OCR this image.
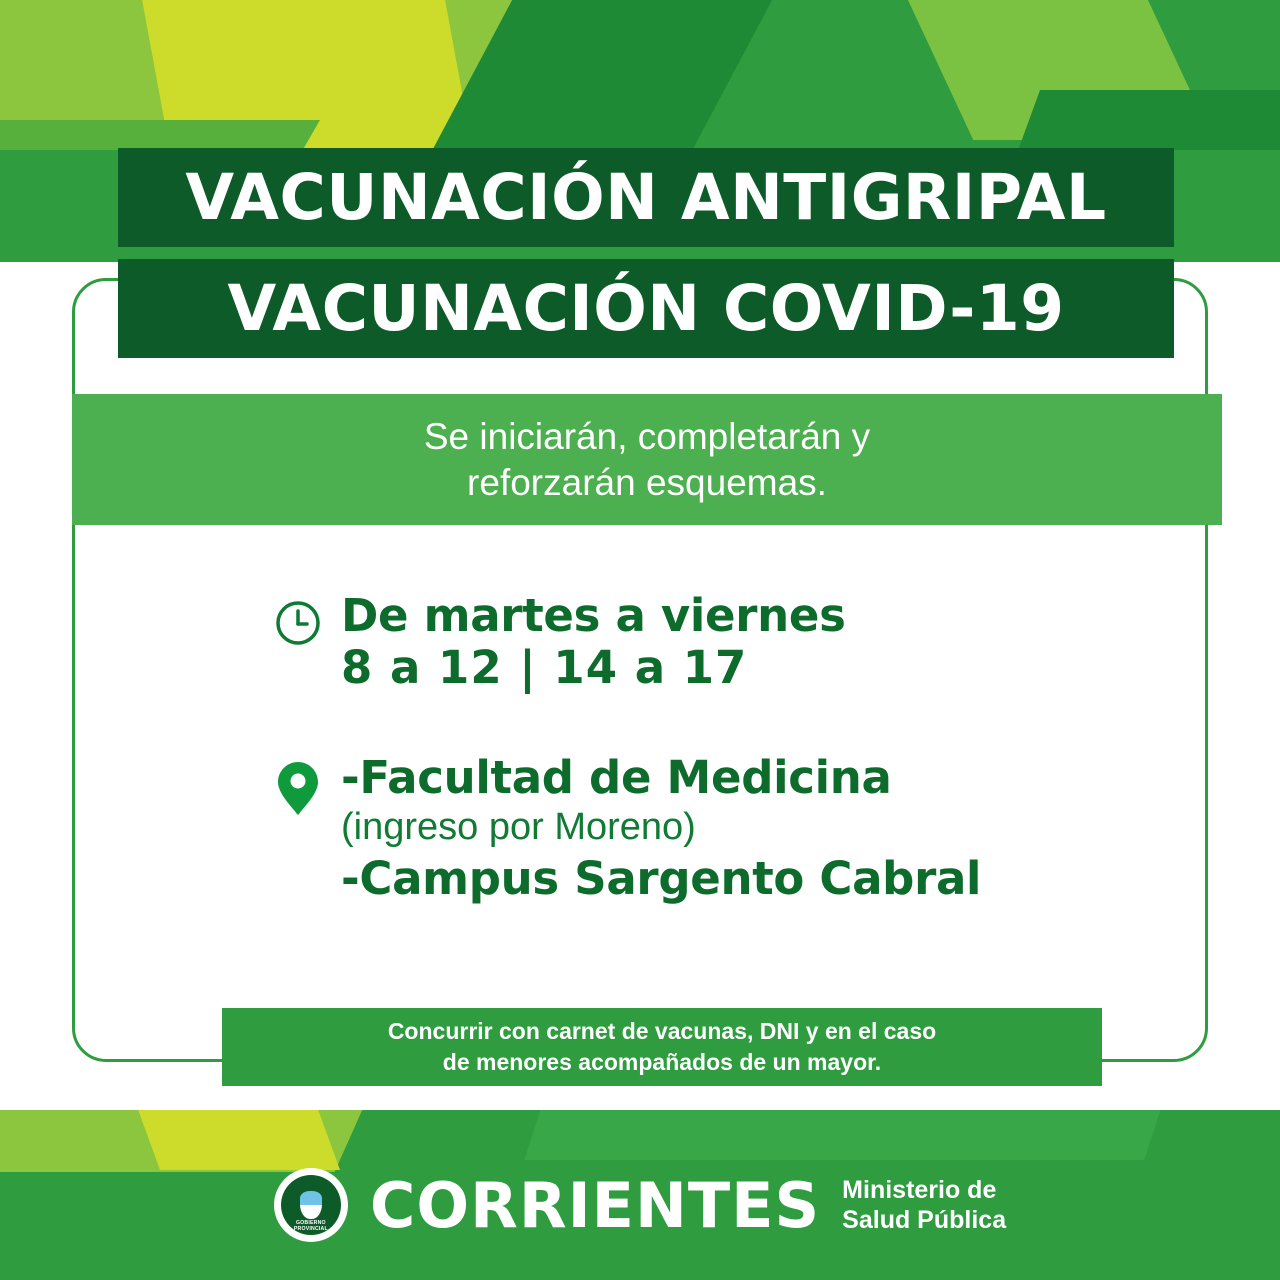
VACUNACIÓN ANTIGRIPAL
VACUNACIÓN COVID-19
Se iniciarán, completarán y
reforzarán esquemas.
De martes a viernes
8 a 12 | 14 a 17
-Facultad de Medicina
(ingreso por Moreno)
-Campus Sargento Cabral
Concurrir con carnet de vacunas, DNI y en el caso
de menores acompañados de un mayor.
GOBIERNO PROVINCIAL CORRIENTES Ministerio de
Salud Pública
